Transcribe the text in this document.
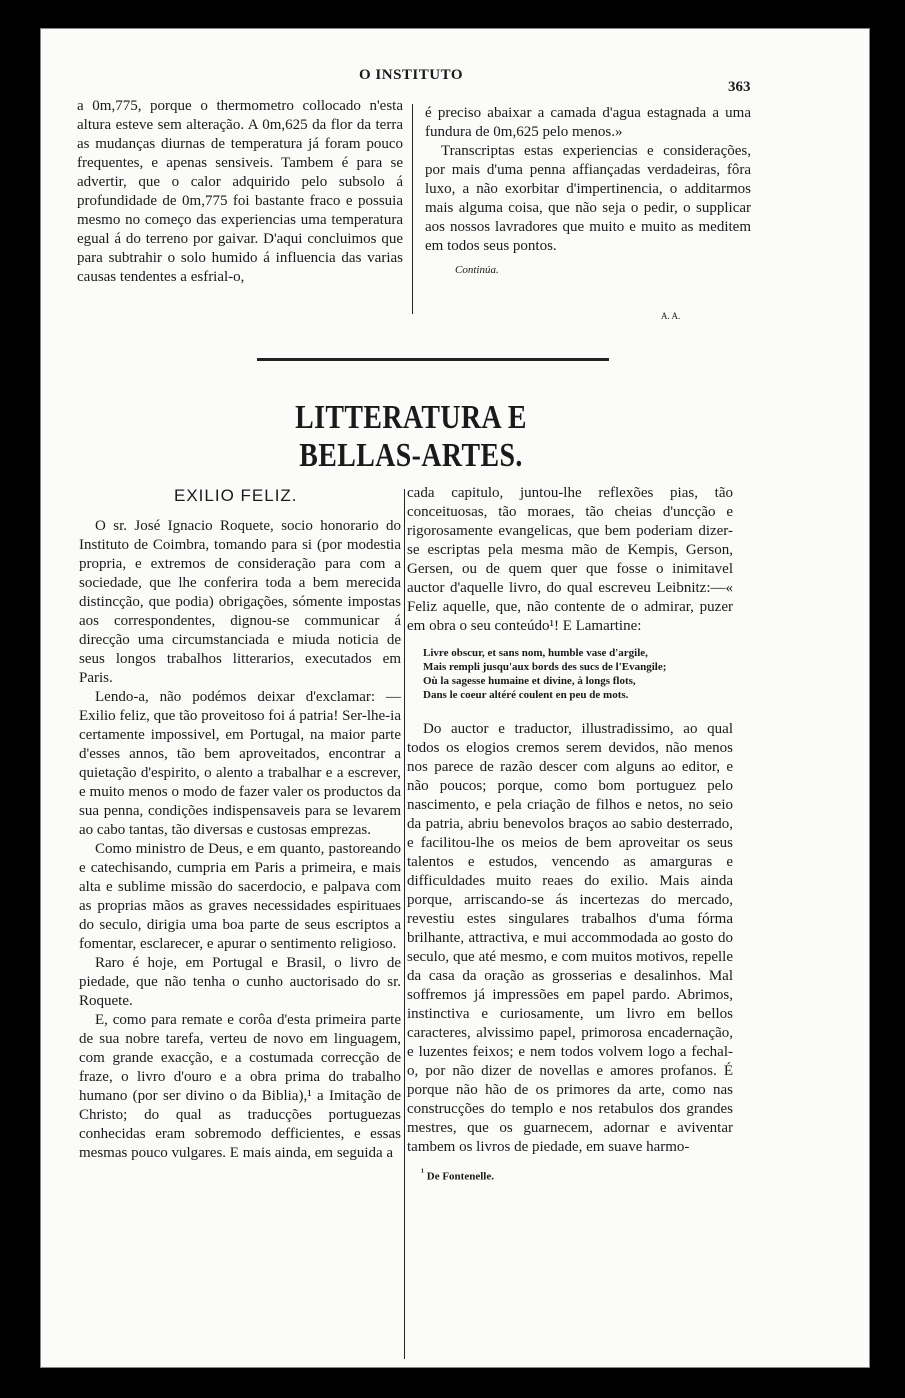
O INSTITUTO
363

a 0m,775, porque o thermometro collocado n'esta altura esteve sem alteração. A 0m,625 da flor da terra as mudanças diurnas de temperatura já foram pouco frequentes, e apenas sensiveis. Tambem é para se advertir, que o calor adquirido pelo subsolo á profundidade de 0m,775 foi bastante fraco e possuia mesmo no começo das experiencias uma temperatura egual á do terreno por gaivar. D'aqui concluimos que para subtrahir o solo humido á influencia das varias causas tendentes a esfrial-o,

é preciso abaixar a camada d'agua estagnada a uma fundura de 0m,625 pelo menos.»

Transcriptas estas experiencias e considerações, por mais d'uma penna affiançadas verdadeiras, fôra luxo, a não exorbitar d'impertinencia, o additarmos mais alguma coisa, que não seja o pedir, o supplicar aos nossos lavradores que muito e muito as meditem em todos seus pontos.

Continúa.
A. A.
LITTERATURA E BELLAS-ARTES.
EXILIO FELIZ.

O sr. José Ignacio Roquete, socio honorario do Instituto de Coimbra, tomando para si (por modestia propria, e extremos de consideração para com a sociedade, que lhe conferira toda a bem merecida distincção, que podia) obrigações, sómente impostas aos correspondentes, dignou-se communicar á direcção uma circumstanciada e miuda noticia de seus longos trabalhos litterarios, executados em Paris.

Lendo-a, não podémos deixar d'exclamar: —Exilio feliz, que tão proveitoso foi á patria! Ser-lhe-ia certamente impossivel, em Portugal, na maior parte d'esses annos, tão bem aproveitados, encontrar a quietação d'espirito, o alento a trabalhar e a escrever, e muito menos o modo de fazer valer os productos da sua penna, condições indispensaveis para se levarem ao cabo tantas, tão diversas e custosas emprezas.

Como ministro de Deus, e em quanto, pastoreando e catechisando, cumpria em Paris a primeira, e mais alta e sublime missão do sacerdocio, e palpava com as proprias mãos as graves necessidades espirituaes do seculo, dirigia uma boa parte de seus escriptos a fomentar, esclarecer, e apurar o sentimento religioso.

Raro é hoje, em Portugal e Brasil, o livro de piedade, que não tenha o cunho auctorisado do sr. Roquete.

E, como para remate e corôa d'esta primeira parte de sua nobre tarefa, verteu de novo em linguagem, com grande exacção, e a costumada correcção de fraze, o livro d'ouro e a obra prima do trabalho humano (por ser divino o da Biblia),¹ a Imitação de Christo; do qual as traducções portuguezas conhecidas eram sobremodo defficientes, e essas mesmas pouco vulgares. E mais ainda, em seguida a

cada capitulo, juntou-lhe reflexões pias, tão conceituosas, tão moraes, tão cheias d'uncção e rigorosamente evangelicas, que bem poderiam dizer-se escriptas pela mesma mão de Kempis, Gerson, Gersen, ou de quem quer que fosse o inimitavel auctor d'aquelle livro, do qual escreveu Leibnitz:—« Feliz aquelle, que, não contente de o admirar, puzer em obra o seu conteúdo¹! E Lamartine:

Livre obscur, et sans nom, humble vase d'argile,
Mais rempli jusqu'aux bords des sucs de l'Evangile;
Où la sagesse humaine et divine, à longs flots,
Dans le coeur altéré coulent en peu de mots.

Do auctor e traductor, illustradissimo, ao qual todos os elogios cremos serem devidos, não menos nos parece de razão descer com alguns ao editor, e não poucos; porque, como bom portuguez pelo nascimento, e pela criação de filhos e netos, no seio da patria, abriu benevolos braços ao sabio desterrado, e facilitou-lhe os meios de bem aproveitar os seus talentos e estudos, vencendo as amarguras e difficuldades muito reaes do exilio. Mais ainda porque, arriscando-se ás incertezas do mercado, revestiu estes singulares trabalhos d'uma fórma brilhante, attractiva, e mui accommodada ao gosto do seculo, que até mesmo, e com muitos motivos, repelle da casa da oração as grosserias e desalinhos. Mal soffremos já impressões em papel pardo. Abrimos, instinctiva e curiosamente, um livro em bellos caracteres, alvissimo papel, primorosa encadernação, e luzentes feixos; e nem todos volvem logo a fechal-o, por não dizer de novellas e amores profanos. É porque não hão de os primores da arte, como nas construcções do templo e nos retabulos dos grandes mestres, que os guarnecem, adornar e aviventar tambem os livros de piedade, em suave harmo-

¹ De Fontenelle.
